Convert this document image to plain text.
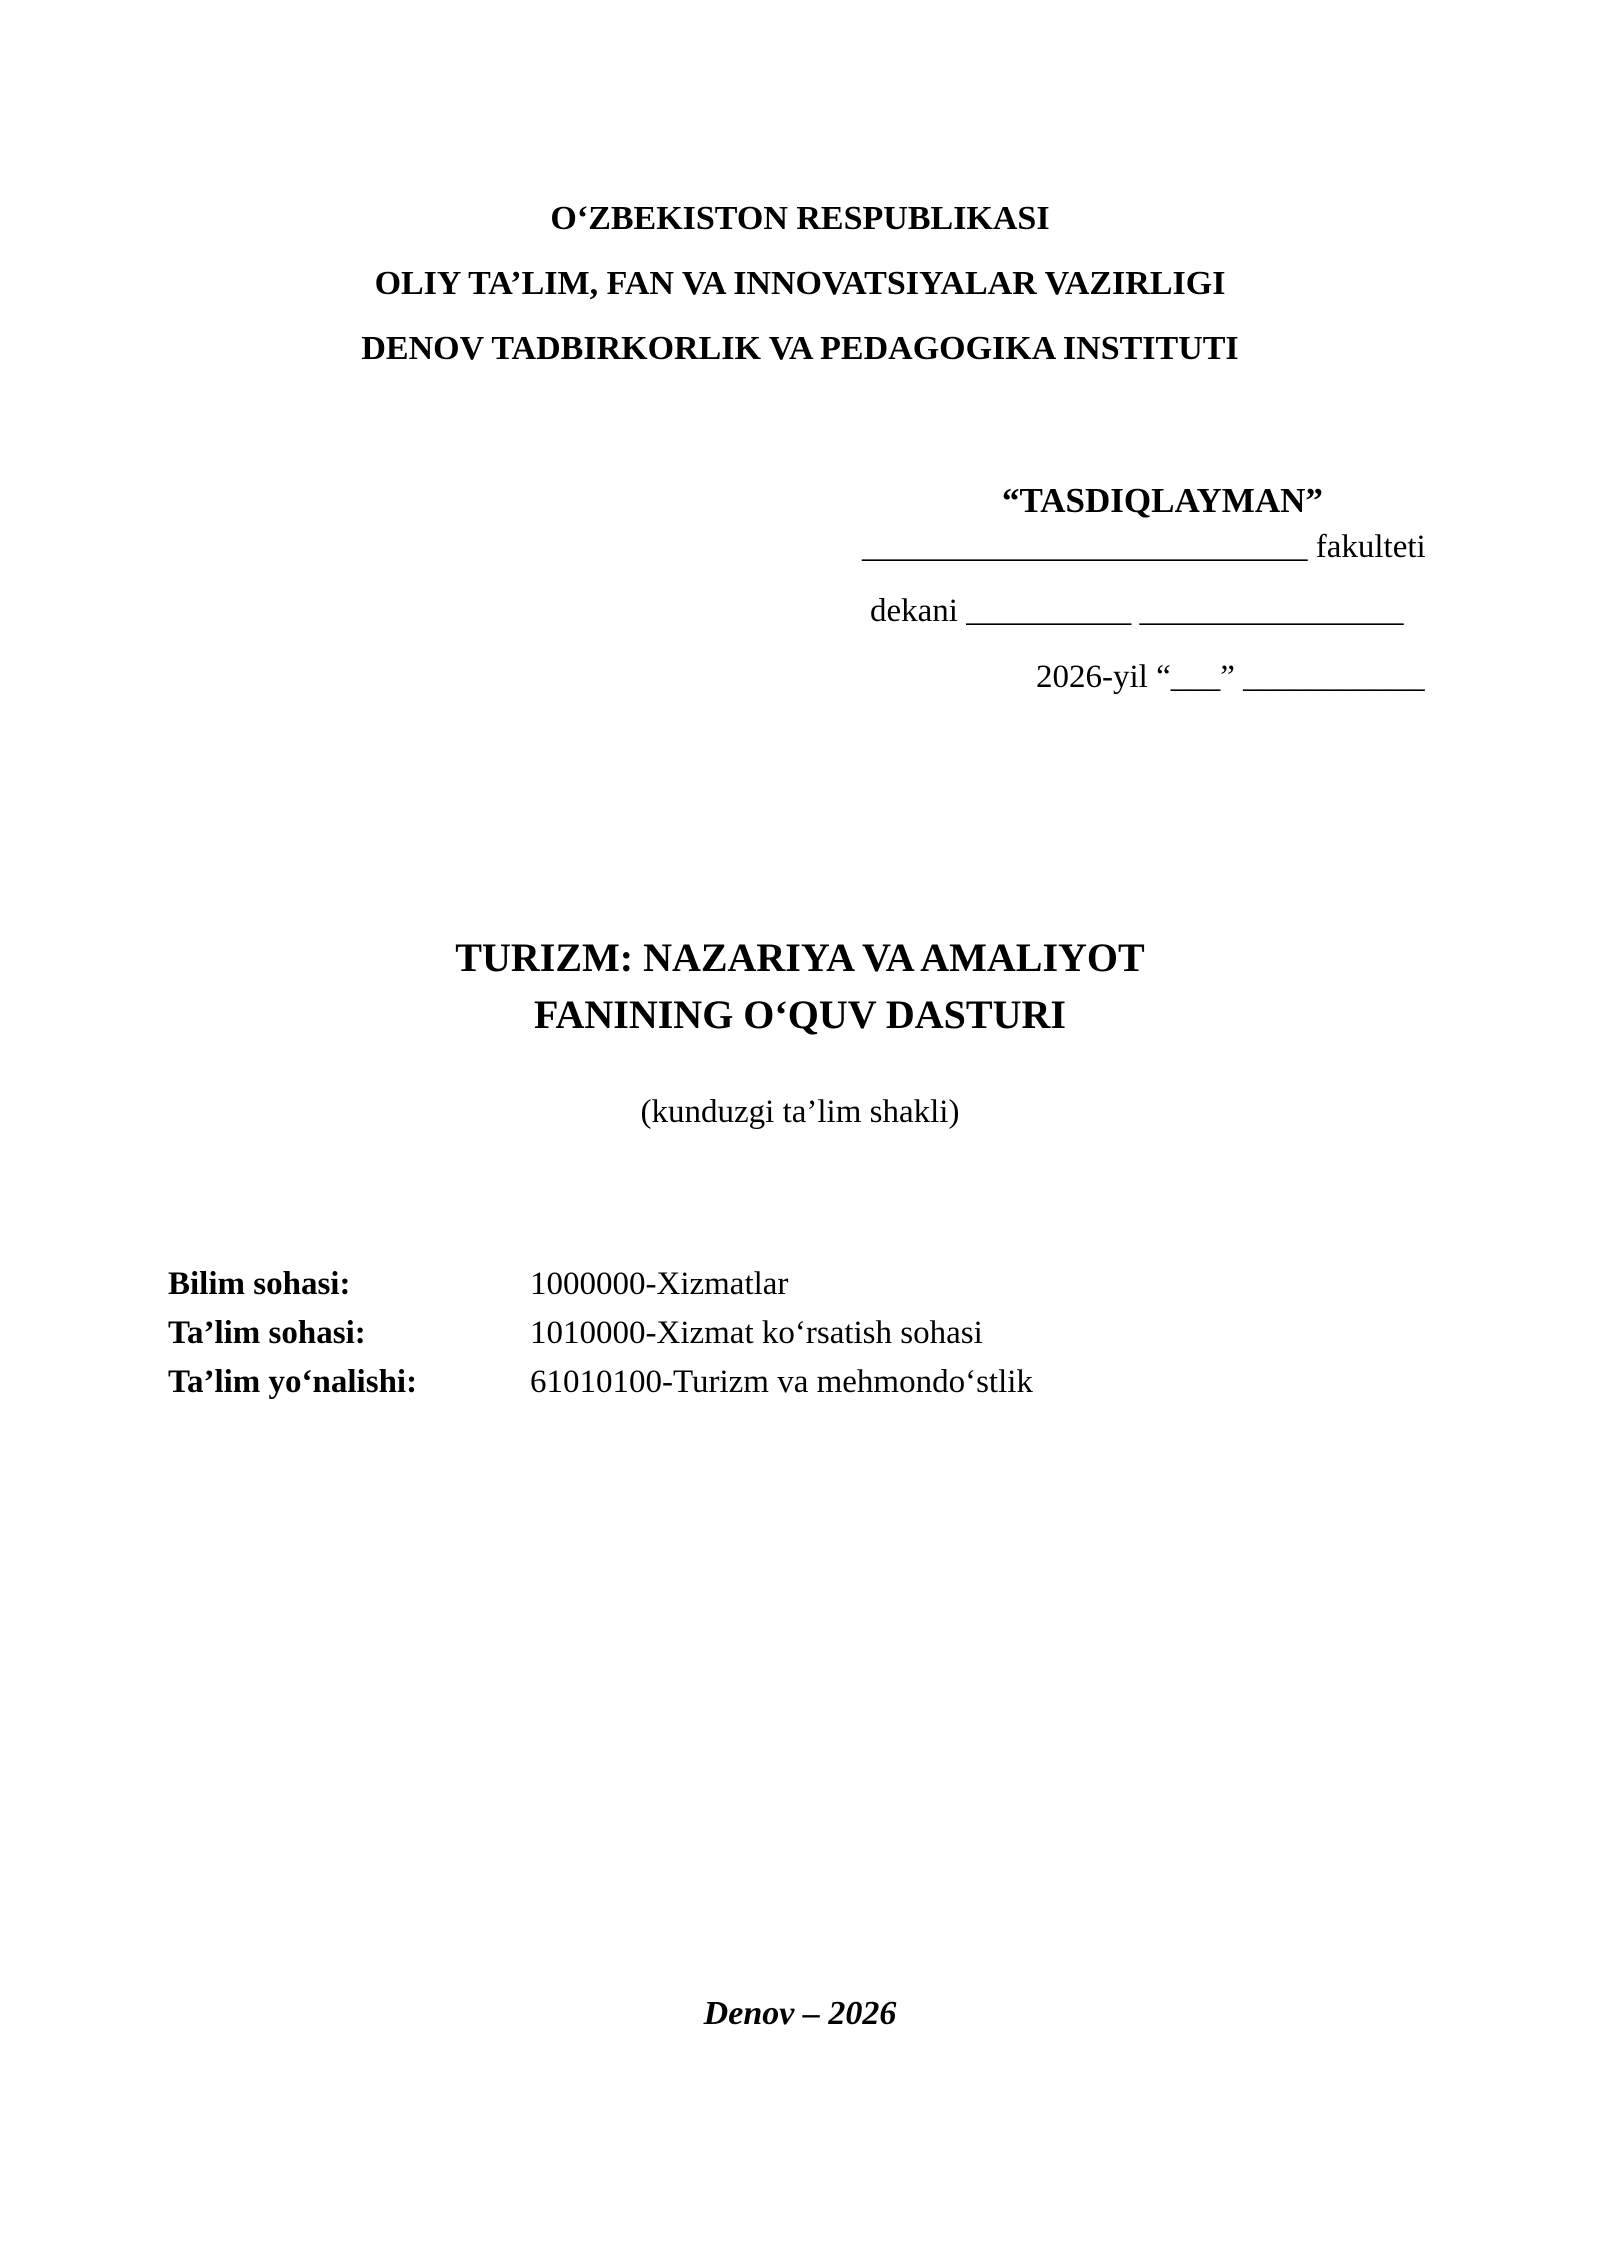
O‘ZBEKISTON RESPUBLIKASI
OLIY TA’LIM, FAN VA INNOVATSIYALAR VAZIRLIGI
DENOV TADBIRKORLIK VA PEDAGOGIKA INSTITUTI
“TASDIQLAYMAN”
___________________________ fakulteti
dekani __________ ________________
2026-yil “___” ___________
TURIZM: NAZARIYA VA AMALIYOT
FANINING O‘QUV DASTURI
(kunduzgi ta’lim shakli)
Bilim sohasi:	1000000-Xizmatlar
Ta’lim sohasi:	1010000-Xizmat ko‘rsatish sohasi
Ta’lim yo‘nalishi:	61010100-Turizm va mehmondo‘stlik
Denov – 2026
